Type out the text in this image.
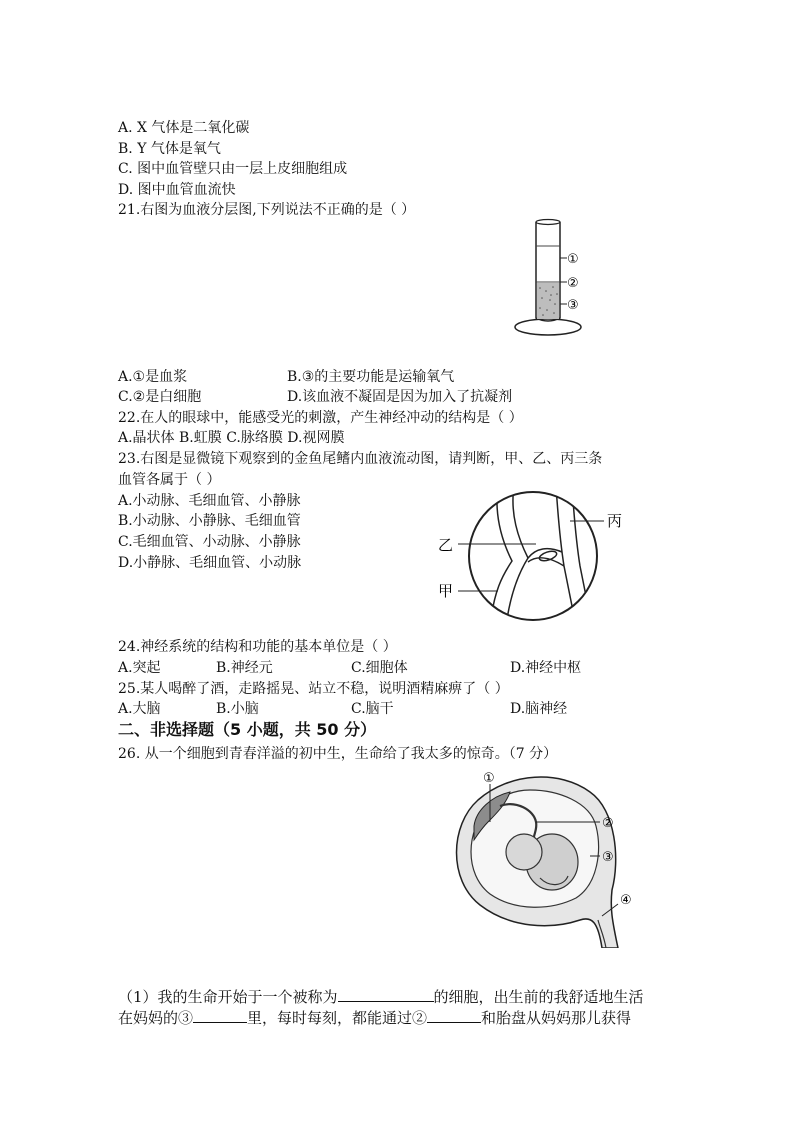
A. X 气体是二氧化碳
B. Y 气体是氧气
C. 图中血管壁只由一层上皮细胞组成
D. 图中血管血流快
21.右图为血液分层图,下列说法不正确的是（ ）
①
②
③
A.①是血浆	B.③的主要功能是运输氧气
C.②是白细胞	D.该血液不凝固是因为加入了抗凝剂
22.在人的眼球中，能感受光的刺激，产生神经冲动的结构是（ ）
A.晶状体 B.虹膜 C.脉络膜 D.视网膜
23.右图是显微镜下观察到的金鱼尾鳍内血液流动图，请判断，甲、乙、丙三条
血管各属于（ ）
A.小动脉、毛细血管、小静脉
B.小动脉、小静脉、毛细血管
C.毛细血管、小动脉、小静脉
D.小静脉、毛细血管、小动脉
丙
乙
甲
24.神经系统的结构和功能的基本单位是（ ）
A.突起	B.神经元	C.细胞体	D.神经中枢
25.某人喝醉了酒，走路摇晃、站立不稳，说明酒精麻痹了（ ）
A.大脑	B.小脑	C.脑干	D.脑神经
二、非选择题（5 小题，共 50 分）
26. 从一个细胞到青春洋溢的初中生，生命给了我太多的惊奇。（7 分）
①
②
③
④
（1）我的生命开始于一个被称为	的细胞，出生前的我舒适地生活
在妈妈的③	里，每时每刻，都能通过②	和胎盘从妈妈那儿获得
